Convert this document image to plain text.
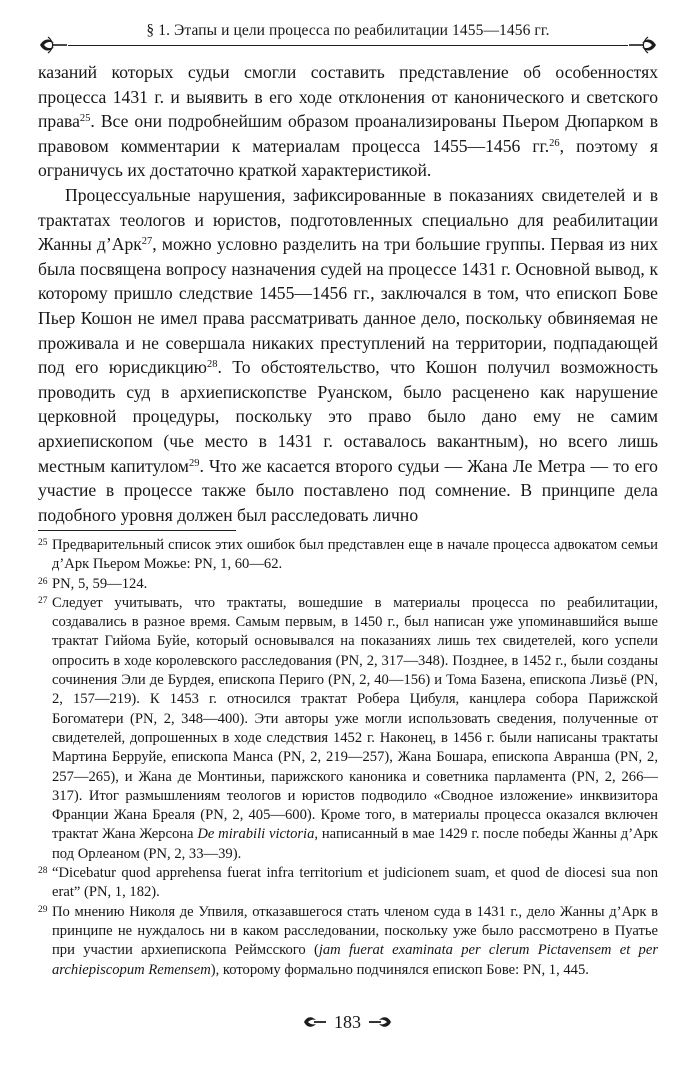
§ 1. Этапы и цели процесса по реабилитации 1455—1456 гг.

казаний которых судьи смогли составить представление об особенностях процесса 1431 г. и выявить в его ходе отклонения от канонического и светского права$^{25}$. Все они подробнейшим образом проанализированы Пьером Дюпарком в правовом комментарии к материалам процесса 1455—1456 гг.$^{26}$, поэтому я ограничусь их достаточно краткой характеристикой.

Процессуальные нарушения, зафиксированные в показаниях свидетелей и в трактатах теологов и юристов, подготовленных специально для реабилитации Жанны д’Арк$^{27}$, можно условно разделить на три большие группы. Первая из них была посвящена вопросу назначения судей на процессе 1431 г. Основной вывод, к которому пришло следствие 1455—1456 гг., заключался в том, что епископ Бове Пьер Кошон не имел права рассматривать данное дело, поскольку обвиняемая не проживала и не совершала никаких преступлений на территории, подпадающей под его юрисдикцию$^{28}$. То обстоятельство, что Кошон получил возможность проводить суд в архиепископстве Руанском, было расценено как нарушение церковной процедуры, поскольку это право было дано ему не самим архиепископом (чье место в 1431 г. оставалось вакантным), но всего лишь местным капитулом$^{29}$. Что же касается второго судьи — Жана Ле Метра — то его участие в процессе также было поставлено под сомнение. В принципе дела подобного уровня должен был расследовать лично

25 Предварительный список этих ошибок был представлен еще в начале процесса адвокатом семьи д’Арк Пьером Можье: PN, 1, 60—62.

26 PN, 5, 59—124.

27 Следует учитывать, что трактаты, вошедшие в материалы процесса по реабилитации, создавались в разное время. Самым первым, в 1450 г., был написан уже упоминавшийся выше трактат Гийома Буйе, который основывался на показаниях лишь тех свидетелей, кого успели опросить в ходе королевского расследования (PN, 2, 317—348). Позднее, в 1452 г., были созданы сочинения Эли де Бурдея, епископа Периго (PN, 2, 40—156) и Тома Базена, епископа Лизьё (PN, 2, 157—219). К 1453 г. относился трактат Робера Цибуля, канцлера собора Парижской Богоматери (PN, 2, 348—400). Эти авторы уже могли использовать сведения, полученные от свидетелей, допрошенных в ходе следствия 1452 г. Наконец, в 1456 г. были написаны трактаты Мартина Берруйе, епископа Манса (PN, 2, 219—257), Жана Бошара, епископа Авранша (PN, 2, 257—265), и Жана де Монтиньи, парижского каноника и советника парламента (PN, 2, 266—317). Итог размышлениям теологов и юристов подводило «Сводное изложение» инквизитора Франции Жана Бреаля (PN, 2, 405—600). Кроме того, в материалы процесса оказался включен трактат Жана Жерсона De mirabili victoria, написанный в мае 1429 г. после победы Жанны д’Арк под Орлеаном (PN, 2, 33—39).

28 “Dicebatur quod apprehensa fuerat infra territorium et judicionem suam, et quod de diocesi sua non erat” (PN, 1, 182).

29 По мнению Николя де Упвиля, отказавшегося стать членом суда в 1431 г., дело Жанны д’Арк в принципе не нуждалось ни в каком расследовании, поскольку уже было рассмотрено в Пуатье при участии архиепископа Реймсского (jam fuerat examinata per clerum Pictavensem et per archiepiscopum Remensem), которому формально подчинялся епископ Бове: PN, 1, 445.

183
